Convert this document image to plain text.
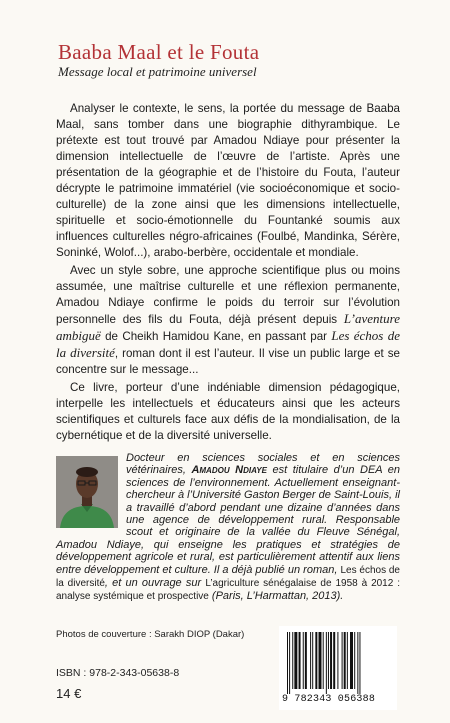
Baaba Maal et le Fouta
Message local et patrimoine universel

Analyser le contexte, le sens, la portée du message de Baaba Maal, sans tomber dans une biographie dithyrambique. Le prétexte est tout trouvé par Amadou Ndiaye pour présenter la dimension intellectuelle de l’œuvre de l’artiste. Après une présentation de la géographie et de l’histoire du Fouta, l’auteur décrypte le patrimoine immatériel (vie socioéconomique et socio-culturelle) de la zone ainsi que les dimensions intellectuelle, spirituelle et socio-émotionnelle du Fountanké soumis aux influences culturelles négro-africaines (Foulbé, Mandinka, Sérère, Soninké, Wolof...), arabo-berbère, occidentale et mondiale.

Avec un style sobre, une approche scientifique plus ou moins assumée, une maîtrise culturelle et une réflexion permanente, Amadou Ndiaye confirme le poids du terroir sur l’évolution personnelle des fils du Fouta, déjà présent depuis L’aventure ambiguë de Cheikh Hamidou Kane, en passant par Les échos de la diversité, roman dont il est l’auteur. Il vise un public large et se concentre sur le message...

Ce livre, porteur d’une indéniable dimension pédagogique, interpelle les intellectuels et éducateurs ainsi que les acteurs scientifiques et culturels face aux défis de la mondialisation, de la cybernétique et de la diversité universelle.

Docteur en sciences sociales et en sciences vétérinaires, Amadou Ndiaye est titulaire d’un DEA en sciences de l’environnement. Actuellement enseignant-chercheur à l’Université Gaston Berger de Saint-Louis, il a travaillé d’abord pendant une dizaine d’années dans une agence de développement rural. Responsable scout et originaire de la vallée du Fleuve Sénégal, Amadou Ndiaye, qui enseigne les pratiques et stratégies de développement agricole et rural, est particulièrement attentif aux liens entre développement et culture. Il a déjà publié un roman, Les échos de la diversité, et un ouvrage sur L’agriculture sénégalaise de 1958 à 2012 : analyse systémique et prospective (Paris, L’Harmattan, 2013).
Photos de couverture : Sarakh DIOP (Dakar)
ISBN : 978-2-343-05638-8
14 €	9 782343 056388
